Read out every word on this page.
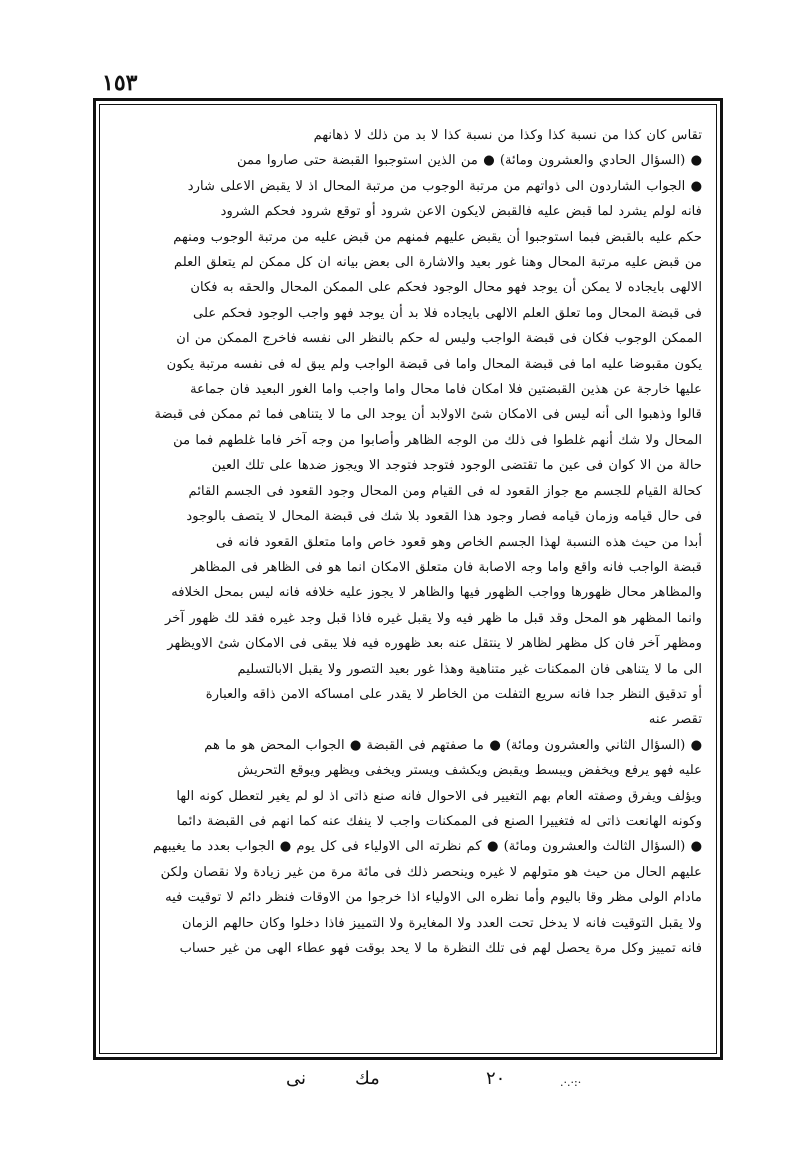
١٥٣
تقاس كان كذا من نسبة كذا وكذا من نسبة كذا لا بد من ذلك لا ذهانهم
● (السؤال الحادي والعشرون ومائة) ● من الذين استوجبوا القبضة حتى صاروا ممن
● الجواب الشاردون الى ذواتهم من مرتبة الوجوب من مرتبة المحال اذ لا يقبض الاعلى شارد
فانه لولم يشرد لما قبض عليه فالقبض لايكون الاعن شرود أو توقع شرود فحكم الشرود
حكم عليه بالقبض فبما استوجبوا أن يقبض عليهم فمنهم من قبض عليه من مرتبة الوجوب ومنهم
من قبض عليه مرتبة المحال وهنا غور بعيد والاشارة الى بعض بيانه ان كل ممكن لم يتعلق العلم
الالهى بايجاده لا يمكن أن يوجد فهو محال الوجود فحكم على الممكن المحال والحقه به فكان
فى قبضة المحال وما تعلق العلم الالهى بايجاده فلا بد أن يوجد فهو واجب الوجود فحكم على
الممكن الوجوب فكان فى قبضة الواجب وليس له حكم بالنظر الى نفسه فاخرج الممكن من ان
يكون مقبوضا عليه اما فى قبضة المحال واما فى قبضة الواجب ولم يبق له فى نفسه مرتبة يكون
عليها خارجة عن هذين القبضتين فلا امكان فاما محال واما واجب واما الغور البعيد فان جماعة
قالوا وذهبوا الى أنه ليس فى الامكان شئ الاولابد أن يوجد الى ما لا يتناهى فما ثم ممكن فى قبضة
المحال ولا شك أنهم غلطوا فى ذلك من الوجه الظاهر وأصابوا من وجه آخر فاما غلطهم فما من
حالة من الا كوان فى عين ما تقتضى الوجود فتوجد فتوجد الا ويجوز ضدها على تلك العين
كحالة القيام للجسم مع جواز القعود له فى القيام ومن المحال وجود القعود فى الجسم القائم
فى حال قيامه وزمان قيامه فصار وجود هذا القعود بلا شك فى قبضة المحال لا يتصف بالوجود
أبدا من حيث هذه النسبة لهذا الجسم الخاص وهو قعود خاص واما متعلق القعود فانه فى
قبضة الواجب فانه واقع واما وجه الاصابة فان متعلق الامكان انما هو فى الظاهر فى المظاهر
والمظاهر محال ظهورها وواجب الظهور فيها والظاهر لا يجوز عليه خلافه فانه ليس بمحل الخلافه
وانما المظهر هو المحل وقد قبل ما ظهر فيه ولا يقبل غيره فاذا قبل وجد غيره فقد لك ظهور آخر
ومظهر آخر فان كل مظهر لظاهر لا ينتقل عنه بعد ظهوره فيه فلا يبقى فى الامكان شئ الاويظهر
الى ما لا يتناهى فان الممكنات غير متناهية وهذا غور بعيد التصور ولا يقبل الابالتسليم
أو تدقيق النظر جدا فانه سريع التفلت من الخاطر لا يقدر على امساكه الامن ذاقه والعبارة
تقصر عنه
● (السؤال الثاني والعشرون ومائة) ● ما صفتهم فى القبضة ● الجواب المحض هو ما هم
عليه فهو يرفع ويخفض ويبسط ويقبض ويكشف ويستر ويخفى ويظهر ويوقع التحريش
ويؤلف ويفرق وصفته العام بهم التغيير فى الاحوال فانه صنع ذاتى اذ لو لم يغير لتعطل كونه الها
وكونه الهانعت ذاتى له فتغييرا الصنع فى الممكنات واجب لا ينفك عنه كما انهم فى القبضة دائما
● (السؤال الثالث والعشرون ومائة) ● كم نظرته الى الاولياء فى كل يوم ● الجواب بعدد ما يغيبهم
عليهم الحال من حيث هو متولهم لا غيره وينحصر ذلك فى مائة مرة من غير زيادة ولا نقصان ولكن
مادام الولى مظر وقا باليوم وأما نظره الى الاولياء اذا خرجوا من الاوقات فنظر دائم لا توقيت فيه
ولا يقبل التوقيت فانه لا يدخل تحت العدد ولا المغايرة ولا التمييز فاذا دخلوا وكان حالهم الزمان
فانه تمييز وكل مرة يحصل لهم فى تلك النظرة ما لا يحد بوقت فهو عطاء الهى من غير حساب
·:·.·.
٢٠
مك
نى
